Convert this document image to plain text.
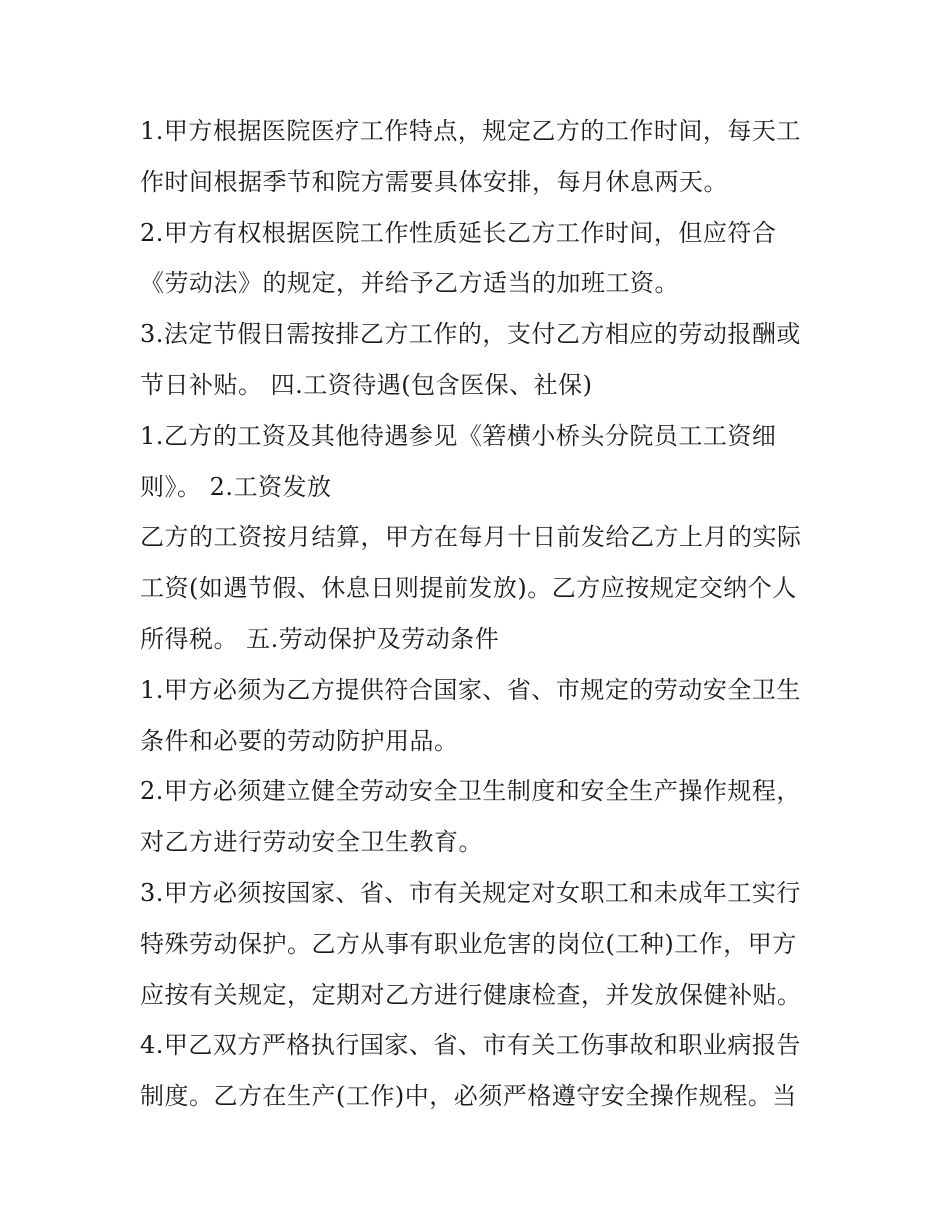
1.甲方根据医院医疗工作特点，规定乙方的工作时间，每天工
作时间根据季节和院方需要具体安排，每月休息两天。
2.甲方有权根据医院工作性质延长乙方工作时间，但应符合
《劳动法》的规定，并给予乙方适当的加班工资。
3.法定节假日需按排乙方工作的，支付乙方相应的劳动报酬或
节日补贴。 四.工资待遇(包含医保、社保)
1.乙方的工资及其他待遇参见《箬横小桥头分院员工工资细
则》。 2.工资发放
乙方的工资按月结算，甲方在每月十日前发给乙方上月的实际
工资(如遇节假、休息日则提前发放)。乙方应按规定交纳个人
所得税。 五.劳动保护及劳动条件
1.甲方必须为乙方提供符合国家、省、市规定的劳动安全卫生
条件和必要的劳动防护用品。
2.甲方必须建立健全劳动安全卫生制度和安全生产操作规程，
对乙方进行劳动安全卫生教育。
3.甲方必须按国家、省、市有关规定对女职工和未成年工实行
特殊劳动保护。乙方从事有职业危害的岗位(工种)工作，甲方
应按有关规定，定期对乙方进行健康检查，并发放保健补贴。
4.甲乙双方严格执行国家、省、市有关工伤事故和职业病报告
制度。乙方在生产(工作)中，必须严格遵守安全操作规程。当
